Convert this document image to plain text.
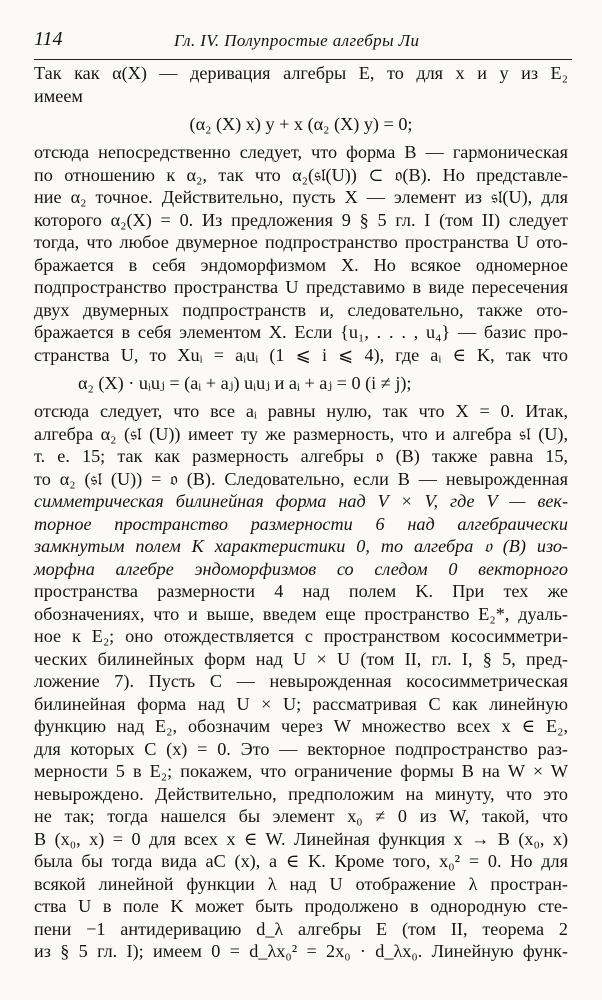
114	Гл. IV. Полупростые алгебры Ли
Так как α(X) — деривация алгебры E, то для x и y из E₂
имеем
(α₂ (X) x) y + x (α₂ (X) y) = 0;
отсюда непосредственно следует, что форма B — гармоническая
по отношению к α₂, так что α₂(𝔰𝔩(U)) ⊂ 𝔬(B). Но представле-
ние α₂ точное. Действительно, пусть X — элемент из 𝔰𝔩(U), для
которого α₂(X) = 0. Из предложения 9 § 5 гл. I (том II) следует
тогда, что любое двумерное подпространство пространства U ото-
бражается в себя эндоморфизмом X. Но всякое одномерное
подпространство пространства U представимо в виде пересечения
двух двумерных подпространств и, следовательно, также ото-
бражается в себя элементом X. Если {u₁, . . . , u₄} — базис про-
странства U, то Xuᵢ = aᵢuᵢ (1 ⩽ i ⩽ 4), где aᵢ ∈ K, так что
α₂ (X) · uᵢuⱼ = (aᵢ + aⱼ) uᵢuⱼ и aᵢ + aⱼ = 0 (i ≠ j);
отсюда следует, что все aᵢ равны нулю, так что X = 0. Итак,
алгебра α₂ (𝔰𝔩 (U)) имеет ту же размерность, что и алгебра 𝔰𝔩 (U),
т. е. 15; так как размерность алгебры 𝔬 (B) также равна 15,
то α₂ (𝔰𝔩 (U)) = 𝔬 (B). Следовательно, если B — невырожденная
симметрическая билинейная форма над V × V, где V — век-
торное пространство размерности 6 над алгебраически
замкнутым полем K характеристики 0, то алгебра 𝔬 (B) изо-
морфна алгебре эндоморфизмов со следом 0 векторного
пространства размерности 4 над полем K. При тех же
обозначениях, что и выше, введем еще пространство E₂*, дуаль-
ное к E₂; оно отождествляется с пространством кососимметри-
ческих билинейных форм над U × U (том II, гл. I, § 5, пред-
ложение 7). Пусть C — невырожденная кососимметрическая
билинейная форма над U × U; рассматривая C как линейную
функцию над E₂, обозначим через W множество всех x ∈ E₂,
для которых C (x) = 0. Это — векторное подпространство раз-
мерности 5 в E₂; покажем, что ограничение формы B на W × W
невырождено. Действительно, предположим на минуту, что это
не так; тогда нашелся бы элемент x₀ ≠ 0 из W, такой, что
B (x₀, x) = 0 для всех x ∈ W. Линейная функция x → B (x₀, x)
была бы тогда вида aC (x), a ∈ K. Кроме того, x₀² = 0. Но для
всякой линейной функции λ над U отображение λ простран-
ства U в поле K может быть продолжено в однородную сте-
пени −1 антидеривацию d_λ алгебры E (том II, теорема 2
из § 5 гл. I); имеем 0 = d_λx₀² = 2x₀ · d_λx₀. Линейную функ-
